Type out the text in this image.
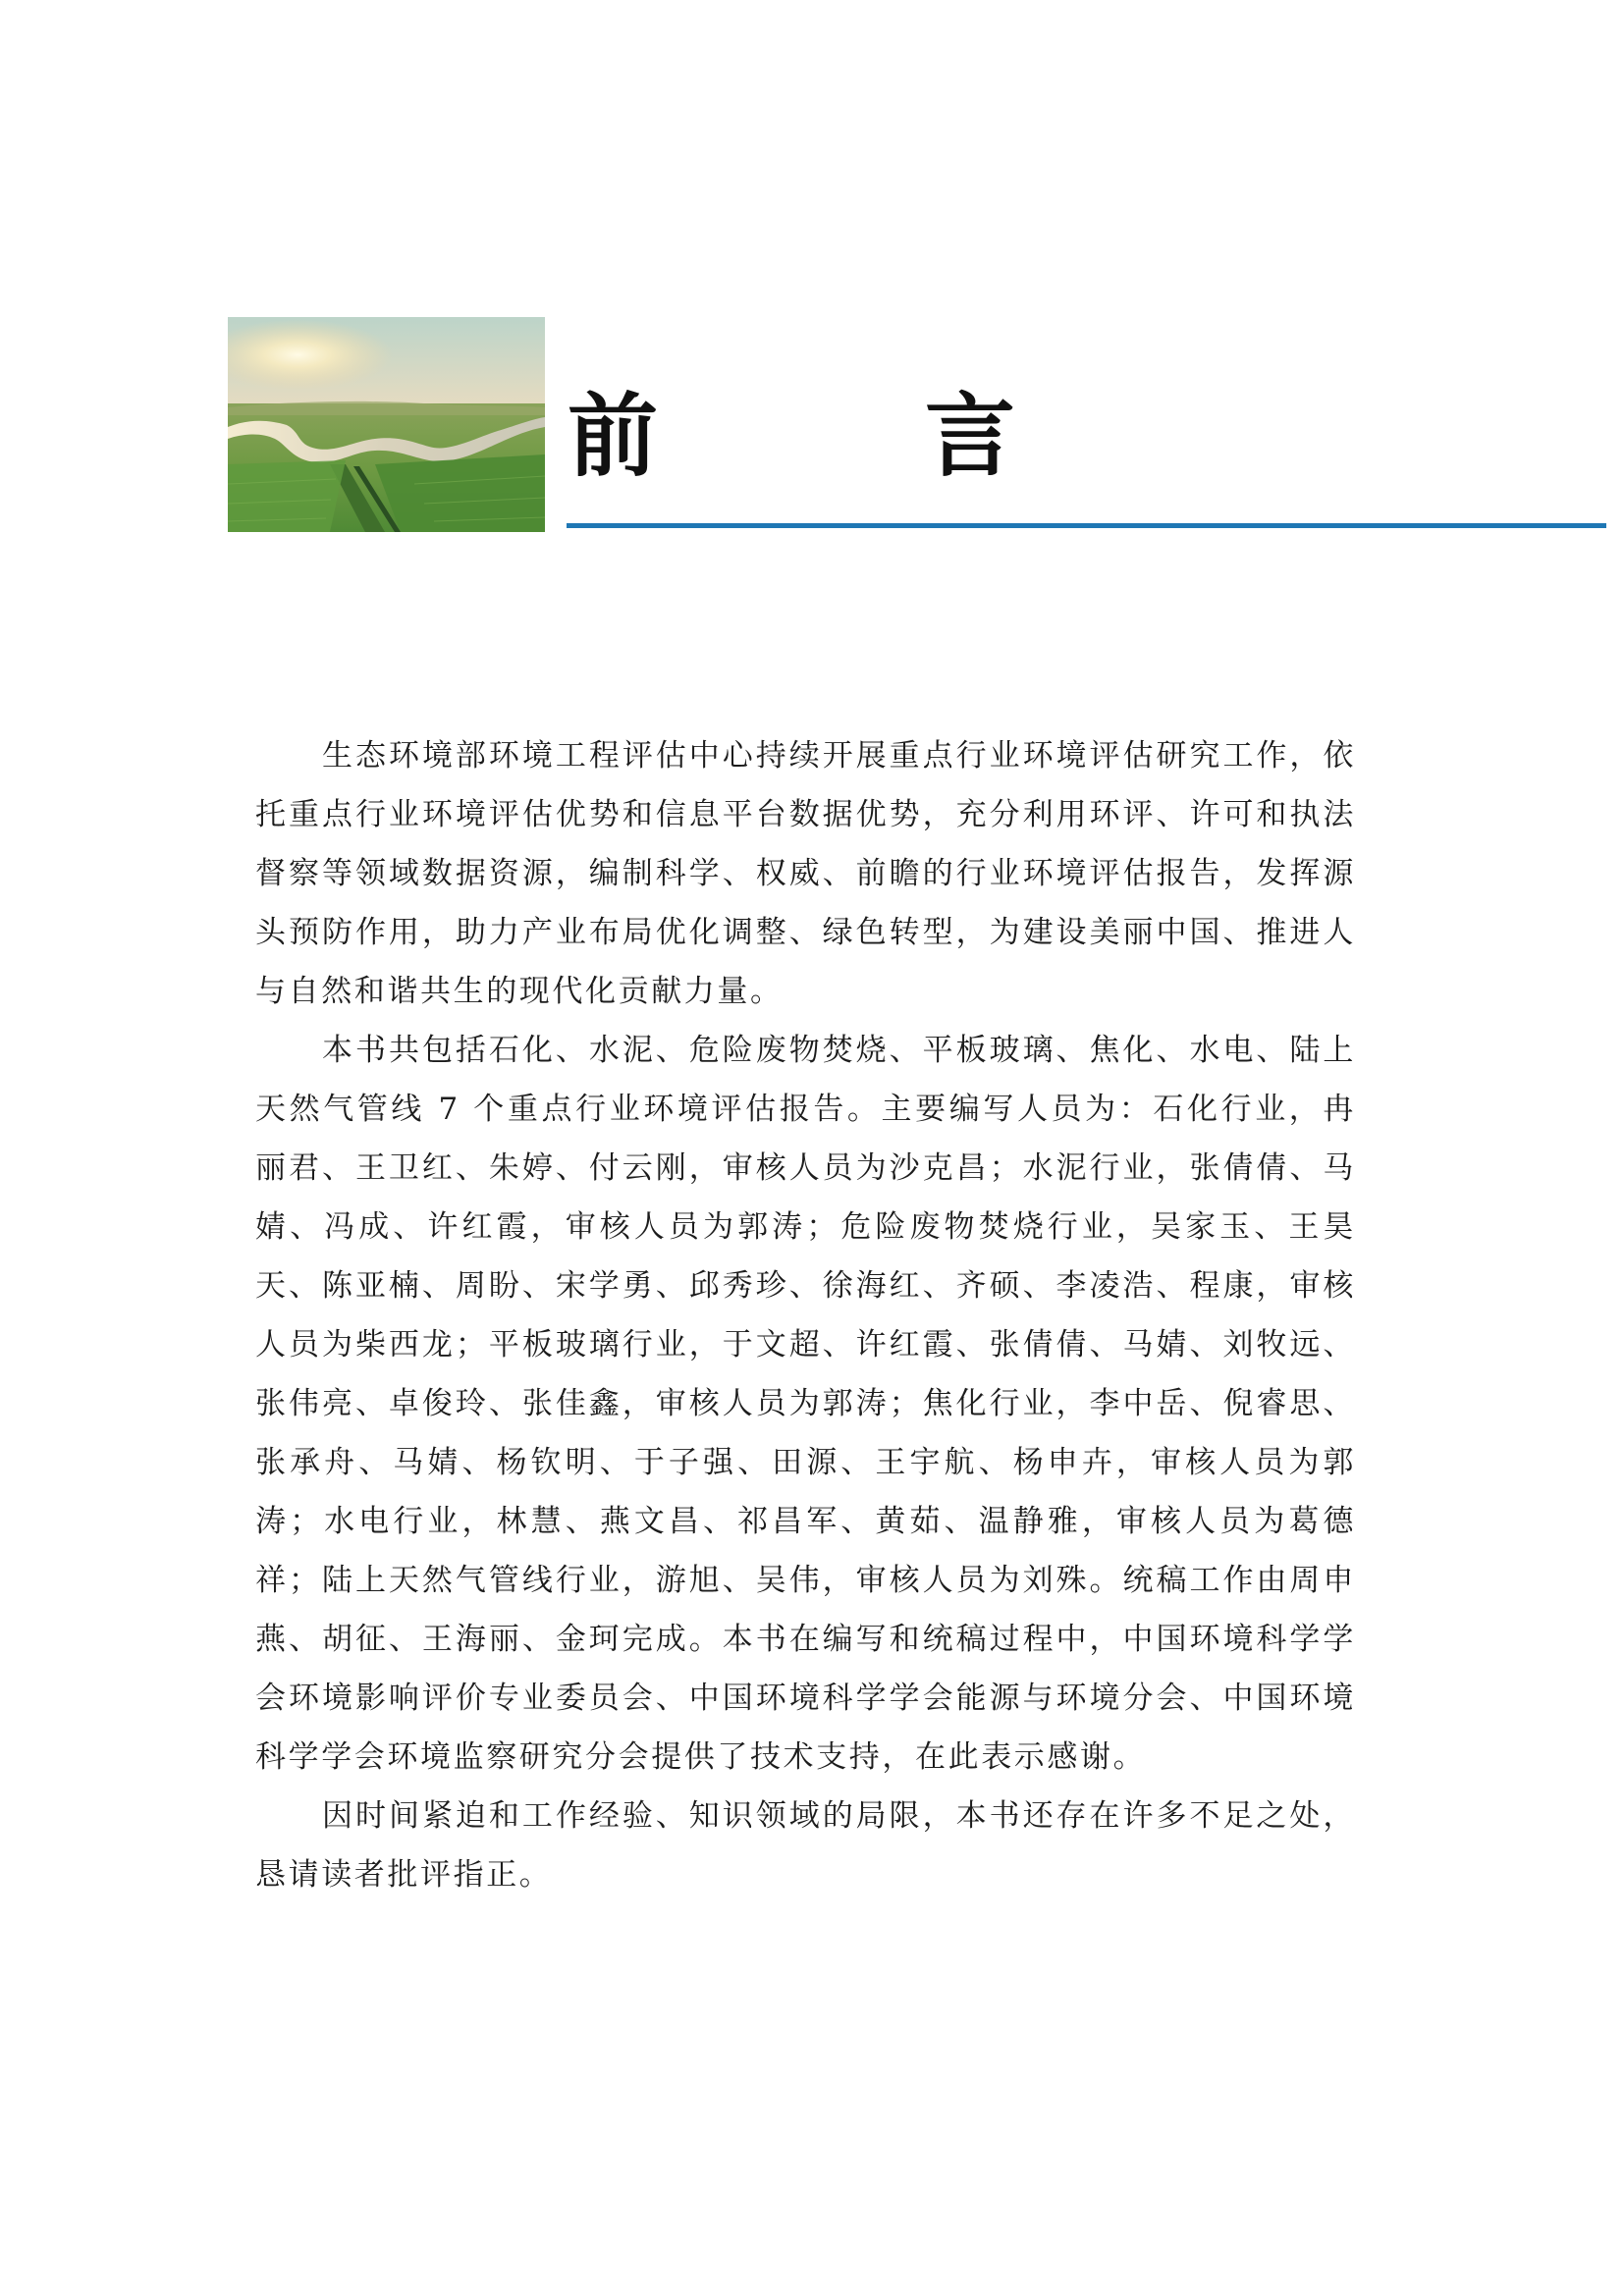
前　言

生态环境部环境工程评估中心持续开展重点行业环境评估研究工作，依托重点行业环境评估优势和信息平台数据优势，充分利用环评、许可和执法督察等领域数据资源，编制科学、权威、前瞻的行业环境评估报告，发挥源头预防作用，助力产业布局优化调整、绿色转型，为建设美丽中国、推进人与自然和谐共生的现代化贡献力量。

本书共包括石化、水泥、危险废物焚烧、平板玻璃、焦化、水电、陆上天然气管线 7 个重点行业环境评估报告。主要编写人员为：石化行业，冉丽君、王卫红、朱婷、付云刚，审核人员为沙克昌；水泥行业，张倩倩、马婧、冯成、许红霞，审核人员为郭涛；危险废物焚烧行业，吴家玉、王昊天、陈亚楠、周盼、宋学勇、邱秀珍、徐海红、齐硕、李凌浩、程康，审核人员为柴西龙；平板玻璃行业，于文超、许红霞、张倩倩、马婧、刘牧远、张伟亮、卓俊玲、张佳鑫，审核人员为郭涛；焦化行业，李中岳、倪睿思、张承舟、马婧、杨钦明、于子强、田源、王宇航、杨申卉，审核人员为郭涛；水电行业，林慧、燕文昌、祁昌军、黄茹、温静雅，审核人员为葛德祥；陆上天然气管线行业，游旭、吴伟，审核人员为刘殊。统稿工作由周申燕、胡征、王海丽、金珂完成。本书在编写和统稿过程中，中国环境科学学会环境影响评价专业委员会、中国环境科学学会能源与环境分会、中国环境科学学会环境监察研究分会提供了技术支持，在此表示感谢。

因时间紧迫和工作经验、知识领域的局限，本书还存在许多不足之处，恳请读者批评指正。
